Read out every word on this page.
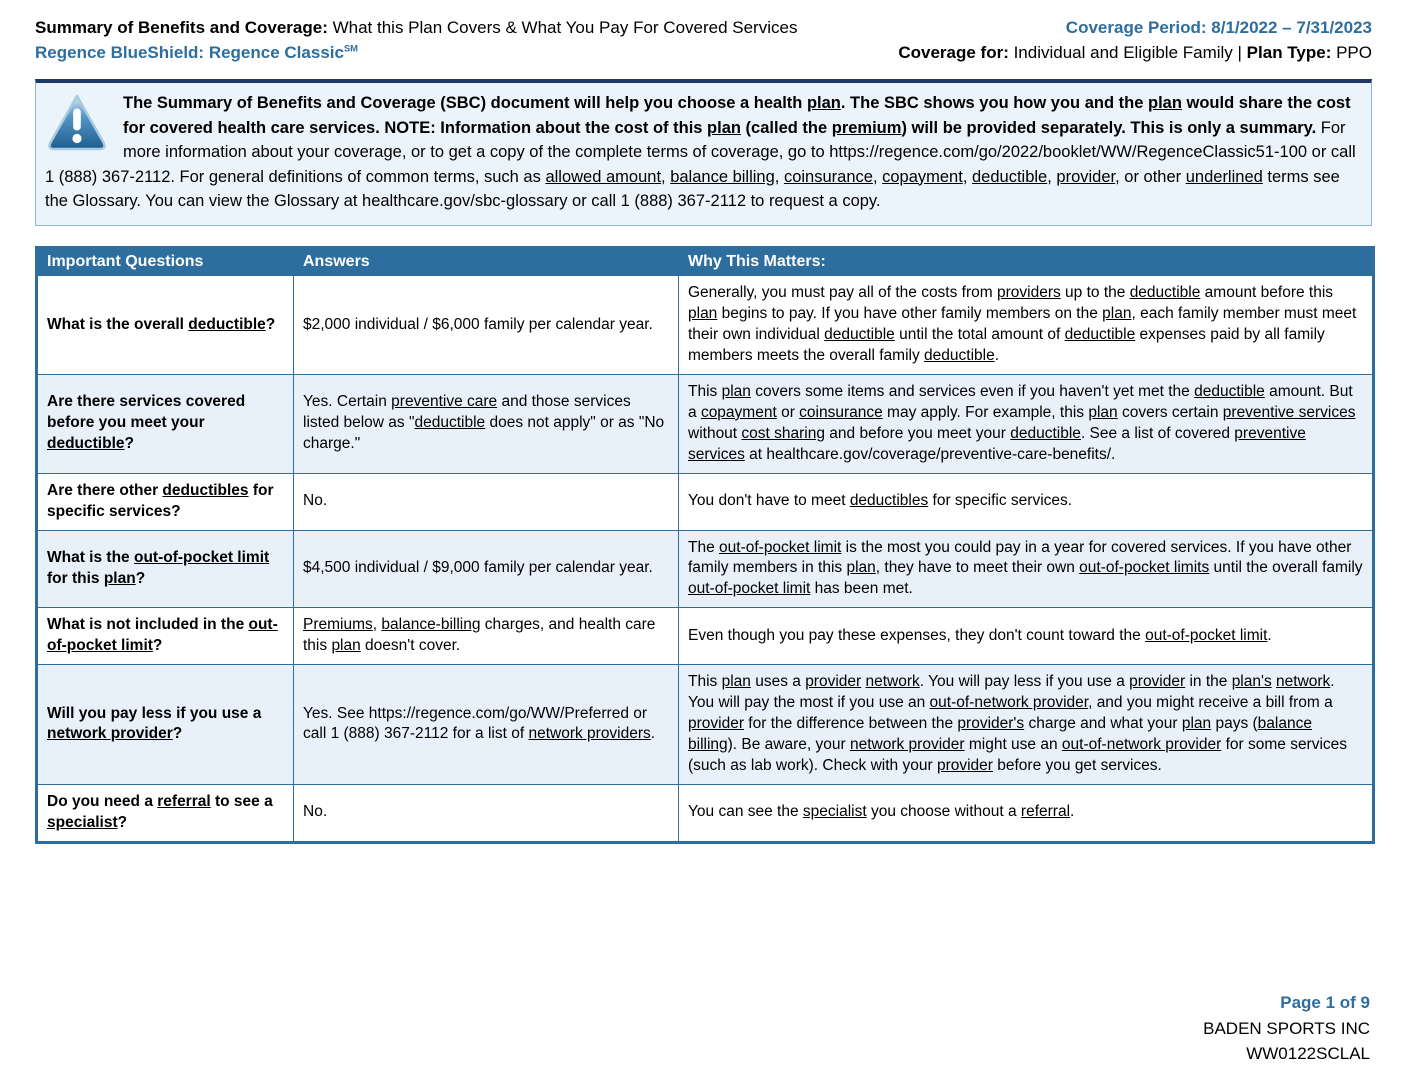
Summary of Benefits and Coverage: What this Plan Covers & What You Pay For Covered Services
Regence BlueShield: Regence Classic℠
Coverage Period: 8/1/2022 – 7/31/2023
Coverage for: Individual and Eligible Family | Plan Type: PPO
The Summary of Benefits and Coverage (SBC) document will help you choose a health plan. The SBC shows you how you and the plan would share the cost for covered health care services. NOTE: Information about the cost of this plan (called the premium) will be provided separately. This is only a summary. For more information about your coverage, or to get a copy of the complete terms of coverage, go to https://regence.com/go/2022/booklet/WW/RegenceClassic51-100 or call 1 (888) 367-2112. For general definitions of common terms, such as allowed amount, balance billing, coinsurance, copayment, deductible, provider, or other underlined terms see the Glossary. You can view the Glossary at healthcare.gov/sbc-glossary or call 1 (888) 367-2112 to request a copy.
Important Questions	Answers	Why This Matters:
What is the overall deductible?	$2,000 individual / $6,000 family per calendar year.	Generally, you must pay all of the costs from providers up to the deductible amount before this plan begins to pay. If you have other family members on the plan, each family member must meet their own individual deductible until the total amount of deductible expenses paid by all family members meets the overall family deductible.
Are there services covered before you meet your deductible?	Yes. Certain preventive care and those services listed below as "deductible does not apply" or as "No charge."	This plan covers some items and services even if you haven't yet met the deductible amount. But a copayment or coinsurance may apply. For example, this plan covers certain preventive services without cost sharing and before you meet your deductible. See a list of covered preventive services at healthcare.gov/coverage/preventive-care-benefits/.
Are there other deductibles for specific services?	No.	You don't have to meet deductibles for specific services.
What is the out-of-pocket limit for this plan?	$4,500 individual / $9,000 family per calendar year.	The out-of-pocket limit is the most you could pay in a year for covered services. If you have other family members in this plan, they have to meet their own out-of-pocket limits until the overall family out-of-pocket limit has been met.
What is not included in the out-of-pocket limit?	Premiums, balance-billing charges, and health care this plan doesn't cover.	Even though you pay these expenses, they don't count toward the out-of-pocket limit.
Will you pay less if you use a network provider?	Yes. See https://regence.com/go/WW/Preferred or call 1 (888) 367-2112 for a list of network providers.	This plan uses a provider network. You will pay less if you use a provider in the plan's network. You will pay the most if you use an out-of-network provider, and you might receive a bill from a provider for the difference between the provider's charge and what your plan pays (balance billing). Be aware, your network provider might use an out-of-network provider for some services (such as lab work). Check with your provider before you get services.
Do you need a referral to see a specialist?	No.	You can see the specialist you choose without a referral.
Page 1 of 9
BADEN SPORTS INC
WW0122SCLAL
